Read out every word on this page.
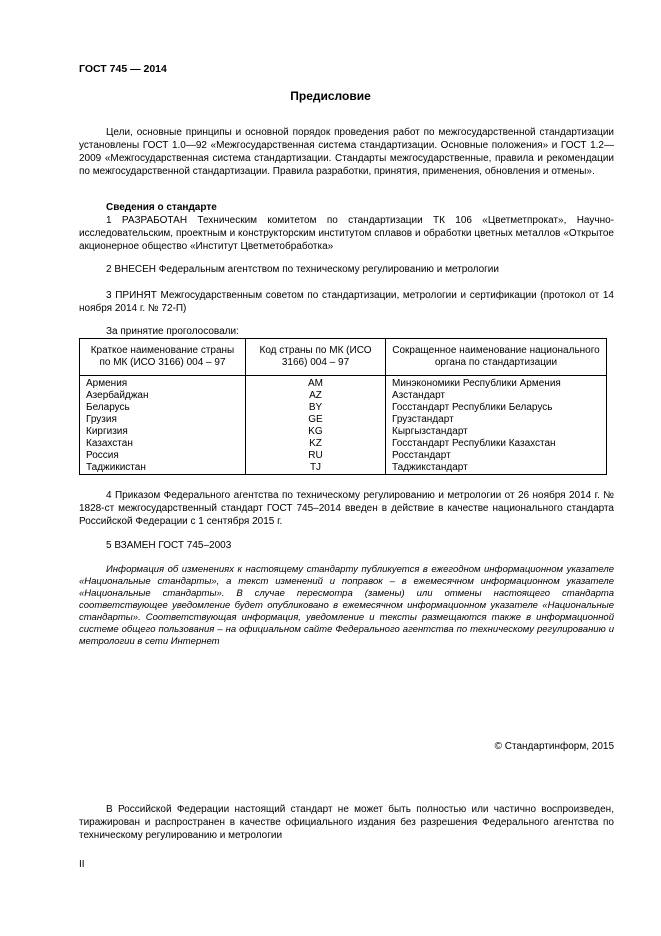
ГОСТ 745 — 2014
Предисловие
Цели, основные принципы и основной порядок проведения работ по межгосударственной стандартизации установлены ГОСТ 1.0—92 «Межгосударственная система стандартизации. Основные положения» и ГОСТ 1.2—2009 «Межгосударственная система стандартизации. Стандарты межгосударственные, правила и рекомендации по межгосударственной стандартизации. Правила разработки, принятия, применения, обновления и отмены».
Сведения о стандарте
1 РАЗРАБОТАН Техническим комитетом по стандартизации ТК 106 «Цветметпрокат», Научно-исследовательским, проектным и конструкторским институтом сплавов и обработки цветных металлов «Открытое акционерное общество «Институт Цветметобработка»
2 ВНЕСЕН Федеральным агентством по техническому регулированию и метрологии
3 ПРИНЯТ Межгосударственным советом по стандартизации, метрологии и сертификации (протокол от 14 ноября 2014 г. № 72-П)
За принятие проголосовали:
Краткое наименование страны по МК (ИСО 3166) 004 – 97	Код страны по МК (ИСО 3166) 004 – 97	Сокращенное наименование национального органа по стандартизации
Армения	AM	Минэкономики Республики Армения
Азербайджан	AZ	Азстандарт
Беларусь	BY	Госстандарт Республики Беларусь
Грузия	GE	Грузстандарт
Киргизия	KG	Кыргызстандарт
Казахстан	KZ	Госстандарт Республики Казахстан
Россия	RU	Росстандарт
Таджикистан	TJ	Таджикстандарт
4 Приказом Федерального агентства по техническому регулированию и метрологии от 26 ноября 2014 г. № 1828-ст межгосударственный стандарт ГОСТ 745–2014 введен в действие в качестве национального стандарта Российской Федерации с 1 сентября 2015 г.
5 ВЗАМЕН ГОСТ 745–2003
Информация об изменениях к настоящему стандарту публикуется в ежегодном информационном указателе «Национальные стандарты», а текст изменений и поправок – в ежемесячном информационном указателе «Национальные стандарты». В случае пересмотра (замены) или отмены настоящего стандарта соответствующее уведомление будет опубликовано в ежемесячном информационном указателе «Национальные стандарты». Соответствующая информация, уведомление и тексты размещаются также в информационной системе общего пользования – на официальном сайте Федерального агентства по техническому регулированию и метрологии в сети Интернет
© Стандартинформ, 2015
В Российской Федерации настоящий стандарт не может быть полностью или частично воспроизведен, тиражирован и распространен в качестве официального издания без разрешения Федерального агентства по техническому регулированию и метрологии
II
